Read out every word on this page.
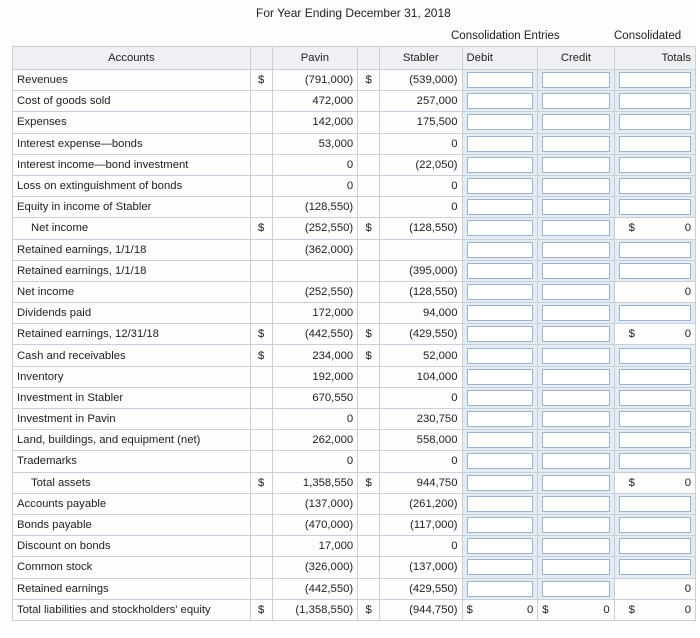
For Year Ending December 31, 2018
Consolidation Entries	Consolidated
Accounts		Pavin		Stabler	Debit	Credit	Totals
Revenues	$	(791,000)	$	(539,000)	

Cost of goods sold		472,000		257,000	

Expenses		142,000		175,500	

Interest expense—bonds		53,000		0	

Interest income—bond investment		0		(22,050)	

Loss on extinguishment of bonds		0		0	

Equity in income of Stabler		(128,550)		0	

Net income	$	(252,550)	$	(128,550)			$ 0

Retained earnings, 1/1/18		(362,000)			

Retained earnings, 1/1/18				(395,000)	

Net income		(252,550)		(128,550)			0

Dividends paid		172,000		94,000	

Retained earnings, 12/31/18	$	(442,550)	$	(429,550)			$ 0

Cash and receivables	$	234,000	$	52,000	

Inventory		192,000		104,000	

Investment in Stabler		670,550		0	

Investment in Pavin		0		230,750	

Land, buildings, and equipment (net)		262,000		558,000	

Trademarks		0		0	

Total assets	$	1,358,550	$	944,750			$ 0

Accounts payable		(137,000)		(261,200)	

Bonds payable		(470,000)		(117,000)	

Discount on bonds		17,000		0	

Common stock		(326,000)		(137,000)	

Retained earnings		(442,550)		(429,550)			0

Total liabilities and stockholders' equity	$	(1,358,550)	$	(944,750)	$ 0	$ 0	$ 0
